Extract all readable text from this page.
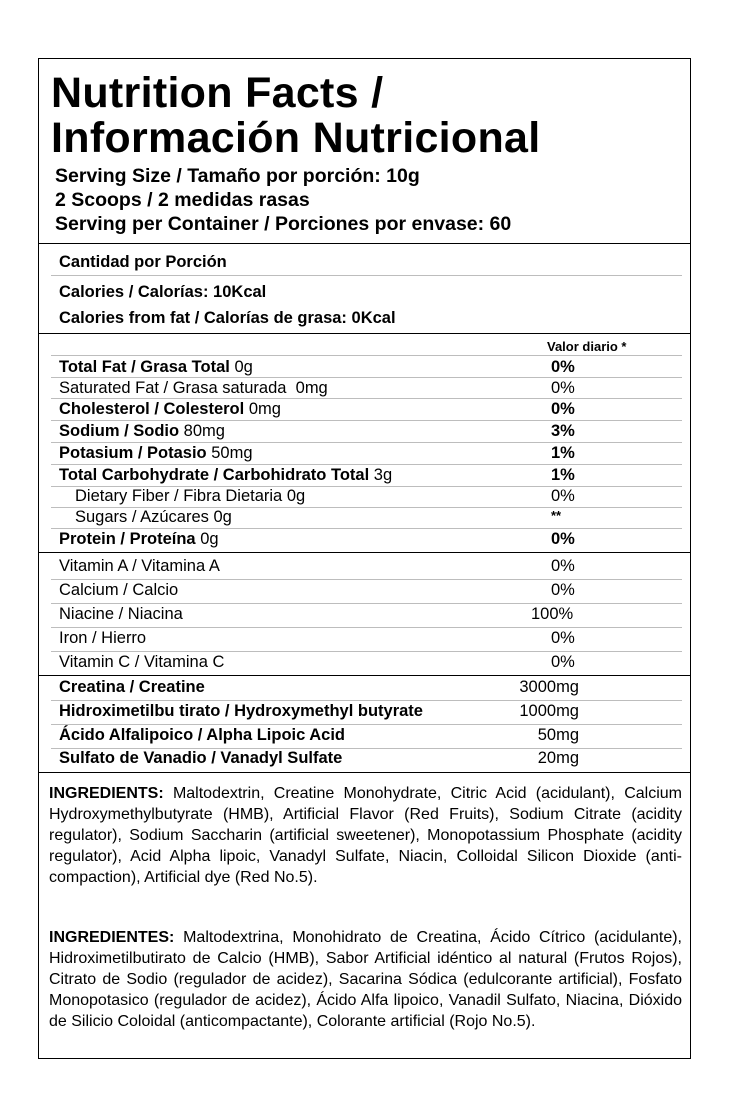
Nutrition Facts /
Información Nutricional
Serving Size / Tamaño por porción: 10g
2 Scoops / 2 medidas rasas
Serving per Container / Porciones por envase: 60
Cantidad por Porción
Calories / Calorías: 10Kcal
Calories from fat / Calorías de grasa: 0Kcal
Valor diario *
Total Fat / Grasa Total 0g	0%
Saturated Fat / Grasa saturada 0mg	0%
Cholesterol / Colesterol 0mg	0%
Sodium / Sodio 80mg	3%
Potasium / Potasio 50mg	1%
Total Carbohydrate / Carbohidrato Total 3g	1%
Dietary Fiber / Fibra Dietaria 0g	0%
Sugars / Azúcares 0g	**
Protein / Proteína 0g	0%
Vitamin A / Vitamina A	0%
Calcium / Calcio	0%
Niacine / Niacina	100%
Iron / Hierro	0%
Vitamin C / Vitamina C	0%
Creatina / Creatine	3000mg
Hidroximetilbu tirato / Hydroxymethyl butyrate	1000mg
Ácido Alfalipoico / Alpha Lipoic Acid	50mg
Sulfato de Vanadio / Vanadyl Sulfate	20mg
INGREDIENTS: Maltodextrin, Creatine Monohydrate, Citric Acid (acidulant), Calcium Hydroxymethylbutyrate (HMB), Artificial Flavor (Red Fruits), Sodium Citrate (acidity regulator), Sodium Saccharin (artificial sweetener), Monopotassium Phosphate (acidity regulator), Acid Alpha lipoic, Vanadyl Sulfate, Niacin, Colloidal Silicon Dioxide (anti- compaction), Artificial dye (Red No.5).
INGREDIENTES: Maltodextrina, Monohidrato de Creatina, Ácido Cítrico (acidulante), Hidroximetilbutirato de Calcio (HMB), Sabor Artificial idéntico al natural (Frutos Rojos), Citrato de Sodio (regulador de acidez), Sacarina Sódica (edulcorante artificial), Fosfato Monopotasico (regulador de acidez), Ácido Alfa lipoico, Vanadil Sulfato, Niacina, Dióxido de Silicio Coloidal (anticompactante), Colorante artificial (Rojo No.5).
